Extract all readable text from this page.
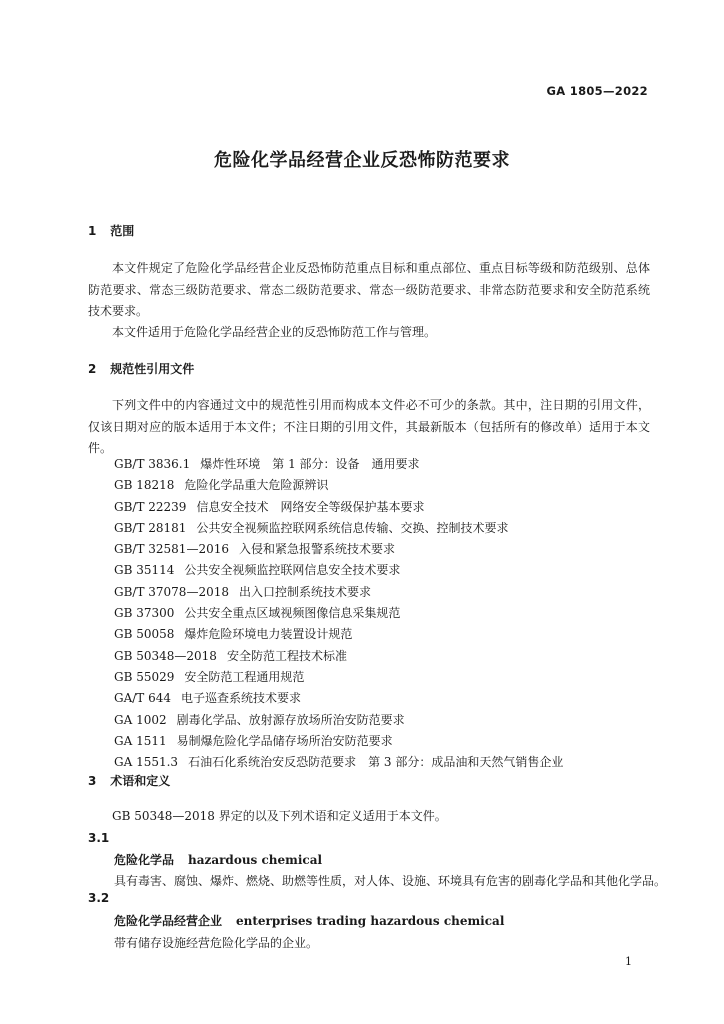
GA 1805—2022
危险化学品经营企业反恐怖防范要求
1 范围

本文件规定了危险化学品经营企业反恐怖防范重点目标和重点部位、重点目标等级和防范级别、总体防范要求、常态三级防范要求、常态二级防范要求、常态一级防范要求、非常态防范要求和安全防范系统技术要求。

本文件适用于危险化学品经营企业的反恐怖防范工作与管理。

2 规范性引用文件

下列文件中的内容通过文中的规范性引用而构成本文件必不可少的条款。其中，注日期的引用文件，仅该日期对应的版本适用于本文件；不注日期的引用文件，其最新版本（包括所有的修改单）适用于本文件。

GB/T 3836.1 爆炸性环境　第 1 部分：设备　通用要求
GB 18218 危险化学品重大危险源辨识
GB/T 22239 信息安全技术　网络安全等级保护基本要求
GB/T 28181 公共安全视频监控联网系统信息传输、交换、控制技术要求
GB/T 32581—2016 入侵和紧急报警系统技术要求
GB 35114 公共安全视频监控联网信息安全技术要求
GB/T 37078—2018 出入口控制系统技术要求
GB 37300 公共安全重点区域视频图像信息采集规范
GB 50058 爆炸危险环境电力装置设计规范
GB 50348—2018 安全防范工程技术标准
GB 55029 安全防范工程通用规范
GA/T 644 电子巡查系统技术要求
GA 1002 剧毒化学品、放射源存放场所治安防范要求
GA 1511 易制爆危险化学品储存场所治安防范要求
GA 1551.3 石油石化系统治安反恐防范要求　第 3 部分：成品油和天然气销售企业
3 术语和定义

GB 50348—2018 界定的以及下列术语和定义适用于本文件。

3.1
危险化学品 hazardous chemical
具有毒害、腐蚀、爆炸、燃烧、助燃等性质，对人体、设施、环境具有危害的剧毒化学品和其他化学品。
3.2
危险化学品经营企业 enterprises trading hazardous chemical
带有储存设施经营危险化学品的企业。
1
